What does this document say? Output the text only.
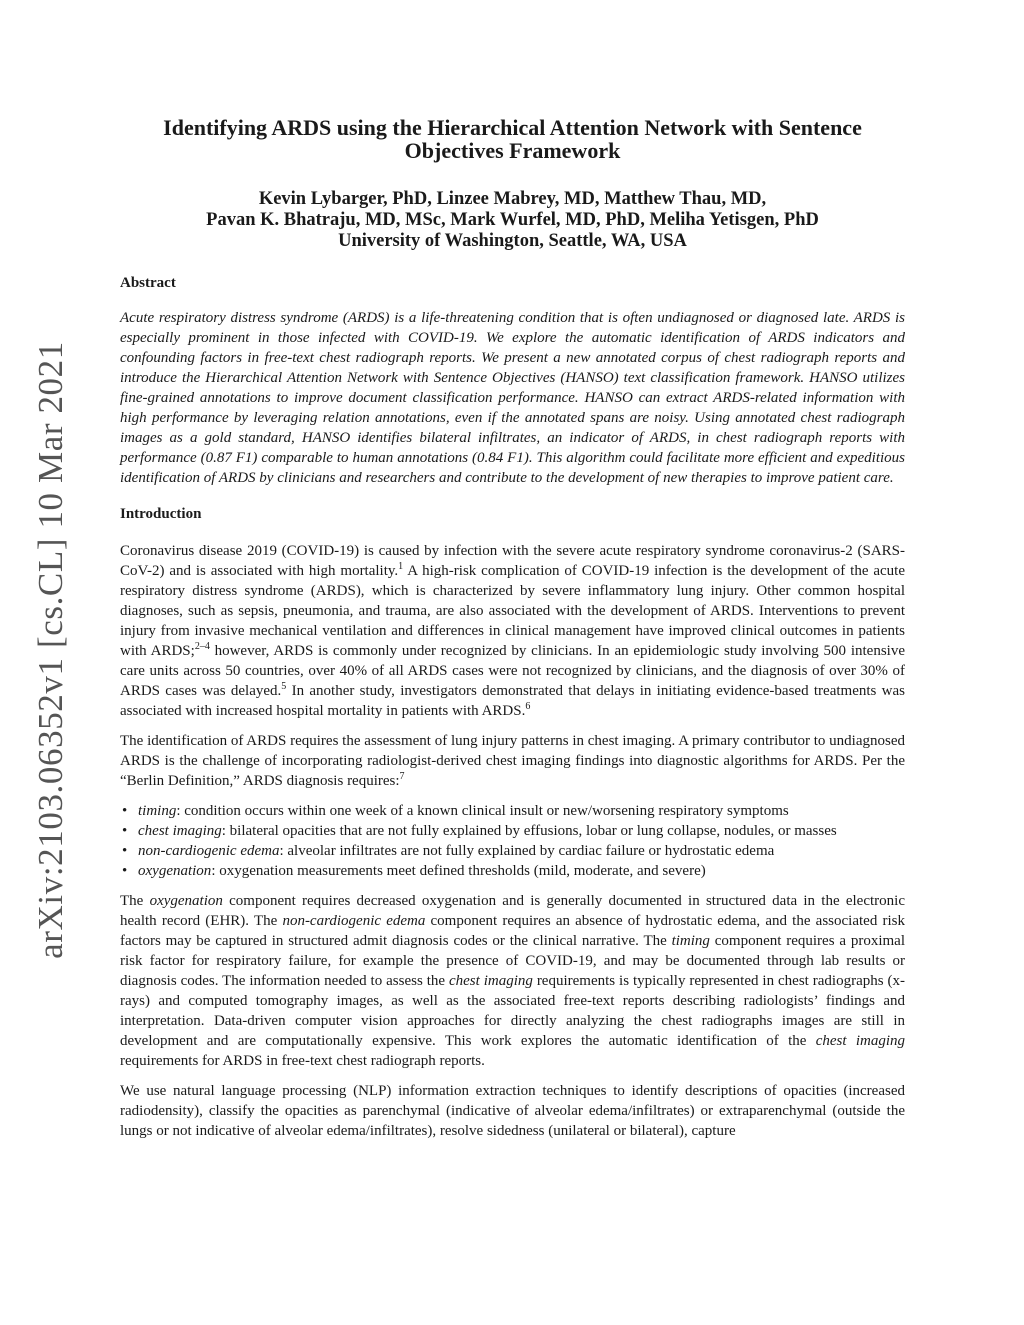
arXiv:2103.06352v1 [cs.CL] 10 Mar 2021
Identifying ARDS using the Hierarchical Attention Network with Sentence Objectives Framework
Kevin Lybarger, PhD, Linzee Mabrey, MD, Matthew Thau, MD,
Pavan K. Bhatraju, MD, MSc, Mark Wurfel, MD, PhD, Meliha Yetisgen, PhD
University of Washington, Seattle, WA, USA
Abstract

Acute respiratory distress syndrome (ARDS) is a life-threatening condition that is often undiagnosed or diagnosed late. ARDS is especially prominent in those infected with COVID-19. We explore the automatic identification of ARDS indicators and confounding factors in free-text chest radiograph reports. We present a new annotated corpus of chest radiograph reports and introduce the Hierarchical Attention Network with Sentence Objectives (HANSO) text classification framework. HANSO utilizes fine-grained annotations to improve document classification performance. HANSO can extract ARDS-related information with high performance by leveraging relation annotations, even if the annotated spans are noisy. Using annotated chest radiograph images as a gold standard, HANSO identifies bilateral infiltrates, an indicator of ARDS, in chest radiograph reports with performance (0.87 F1) comparable to human annotations (0.84 F1). This algorithm could facilitate more efficient and expeditious identification of ARDS by clinicians and researchers and contribute to the development of new therapies to improve patient care.

Introduction

Coronavirus disease 2019 (COVID-19) is caused by infection with the severe acute respiratory syndrome coronavirus-2 (SARS-CoV-2) and is associated with high mortality.$^1$ A high-risk complication of COVID-19 infection is the development of the acute respiratory distress syndrome (ARDS), which is characterized by severe inflammatory lung injury. Other common hospital diagnoses, such as sepsis, pneumonia, and trauma, are also associated with the development of ARDS. Interventions to prevent injury from invasive mechanical ventilation and differences in clinical management have improved clinical outcomes in patients with ARDS;$^{2-4}$ however, ARDS is commonly under recognized by clinicians. In an epidemiologic study involving 500 intensive care units across 50 countries, over 40% of all ARDS cases were not recognized by clinicians, and the diagnosis of over 30% of ARDS cases was delayed.$^5$ In another study, investigators demonstrated that delays in initiating evidence-based treatments was associated with increased hospital mortality in patients with ARDS.$^6$

The identification of ARDS requires the assessment of lung injury patterns in chest imaging. A primary contributor to undiagnosed ARDS is the challenge of incorporating radiologist-derived chest imaging findings into diagnostic algorithms for ARDS. Per the “Berlin Definition,” ARDS diagnosis requires:$^7$

• timing: condition occurs within one week of a known clinical insult or new/worsening respiratory symptoms
• chest imaging: bilateral opacities that are not fully explained by effusions, lobar or lung collapse, nodules, or masses
• non-cardiogenic edema: alveolar infiltrates are not fully explained by cardiac failure or hydrostatic edema
• oxygenation: oxygenation measurements meet defined thresholds (mild, moderate, and severe)

The oxygenation component requires decreased oxygenation and is generally documented in structured data in the electronic health record (EHR). The non-cardiogenic edema component requires an absence of hydrostatic edema, and the associated risk factors may be captured in structured admit diagnosis codes or the clinical narrative. The timing component requires a proximal risk factor for respiratory failure, for example the presence of COVID-19, and may be documented through lab results or diagnosis codes. The information needed to assess the chest imaging requirements is typically represented in chest radiographs (x-rays) and computed tomography images, as well as the associated free-text reports describing radiologists’ findings and interpretation. Data-driven computer vision approaches for directly analyzing the chest radiographs images are still in development and are computationally expensive. This work explores the automatic identification of the chest imaging requirements for ARDS in free-text chest radiograph reports.

We use natural language processing (NLP) information extraction techniques to identify descriptions of opacities (increased radiodensity), classify the opacities as parenchymal (indicative of alveolar edema/infiltrates) or extraparenchymal (outside the lungs or not indicative of alveolar edema/infiltrates), resolve sidedness (unilateral or bilateral), capture
